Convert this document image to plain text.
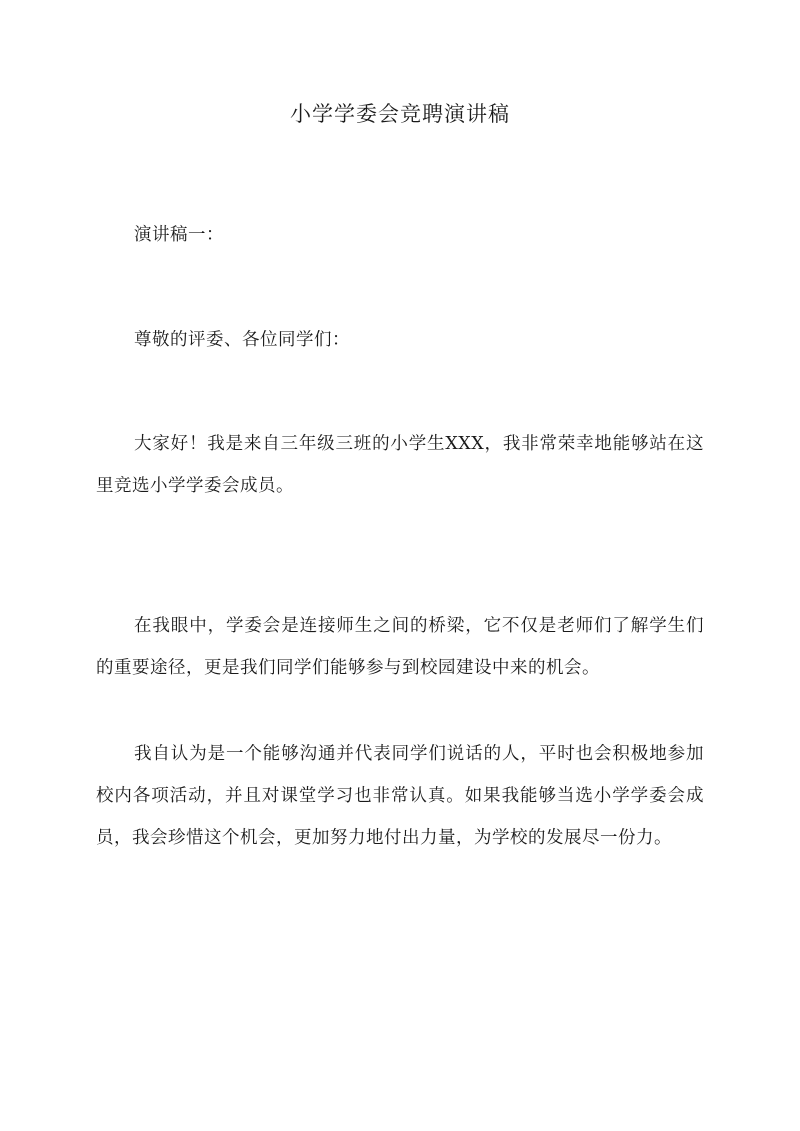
小学学委会竞聘演讲稿

演讲稿一：

尊敬的评委、各位同学们：

大家好！我是来自三年级三班的小学生XXX，我非常荣幸地能够站在这里竞选小学学委会成员。

在我眼中，学委会是连接师生之间的桥梁，它不仅是老师们了解学生们的重要途径，更是我们同学们能够参与到校园建设中来的机会。

我自认为是一个能够沟通并代表同学们说话的人，平时也会积极地参加校内各项活动，并且对课堂学习也非常认真。如果我能够当选小学学委会成员，我会珍惜这个机会，更加努力地付出力量，为学校的发展尽一份力。
